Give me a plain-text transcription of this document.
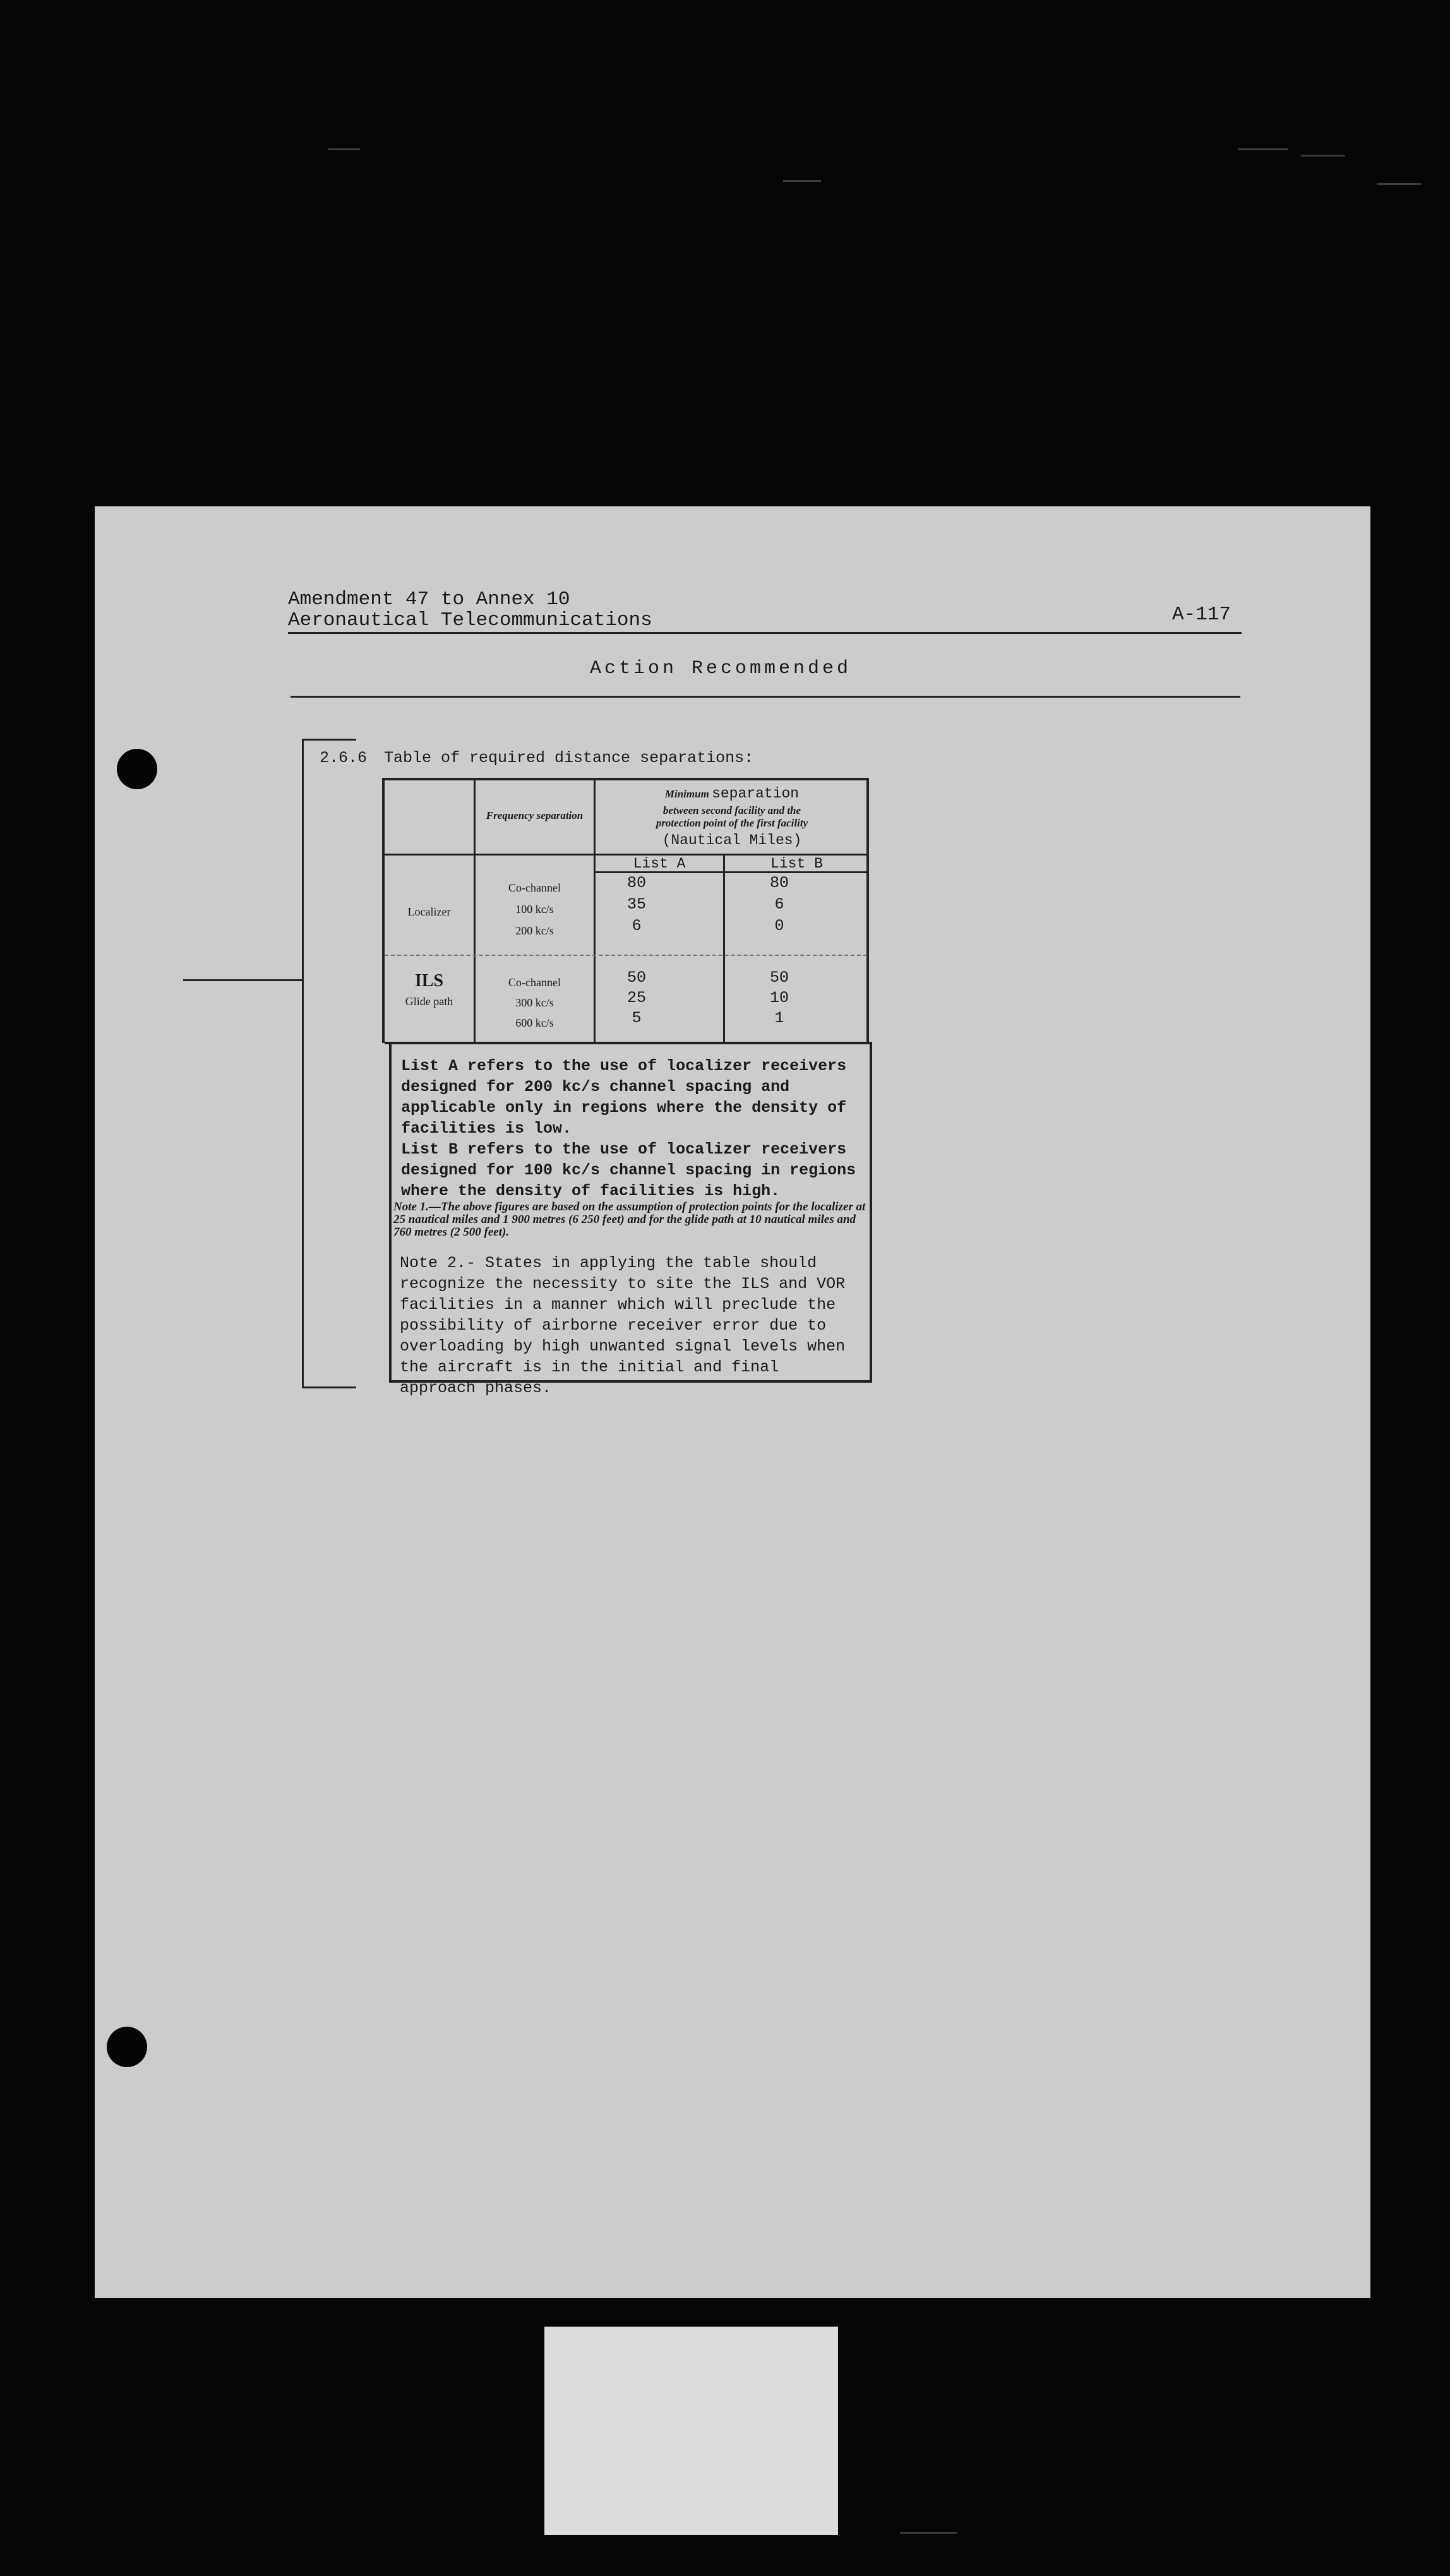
Amendment 47 to Annex 10
Aeronautical Telecommunications	A-117
Action Recommended
2.6.6 Table of required distance separations:
Frequency separation
Minimum separation
between second facility and the
protection point of the first facility
(Nautical Miles)
List A	List B
Localizer
Co-channel
100 kc/s
200 kc/s
80
35
6
80
6
0
ILS
Glide path
Co-channel
300 kc/s
600 kc/s
50
25
5
50
10
1
List A refers to the use of localizer receivers designed for 200 kc/s channel spacing and applicable only in regions where the density of facilities is low.
List B refers to the use of localizer receivers designed for 100 kc/s channel spacing in regions where the density of facilities is high.
Note 1.—The above figures are based on the assumption of protection points for the localizer at 25 nautical miles and 1 900 metres (6 250 feet) and for the glide path at 10 nautical miles and 760 metres (2 500 feet).
Note 2.- States in applying the table should recognize the necessity to site the ILS and VOR facilities in a manner which will preclude the possibility of airborne receiver error due to overloading by high unwanted signal levels when the aircraft is in the initial and final approach phases.
